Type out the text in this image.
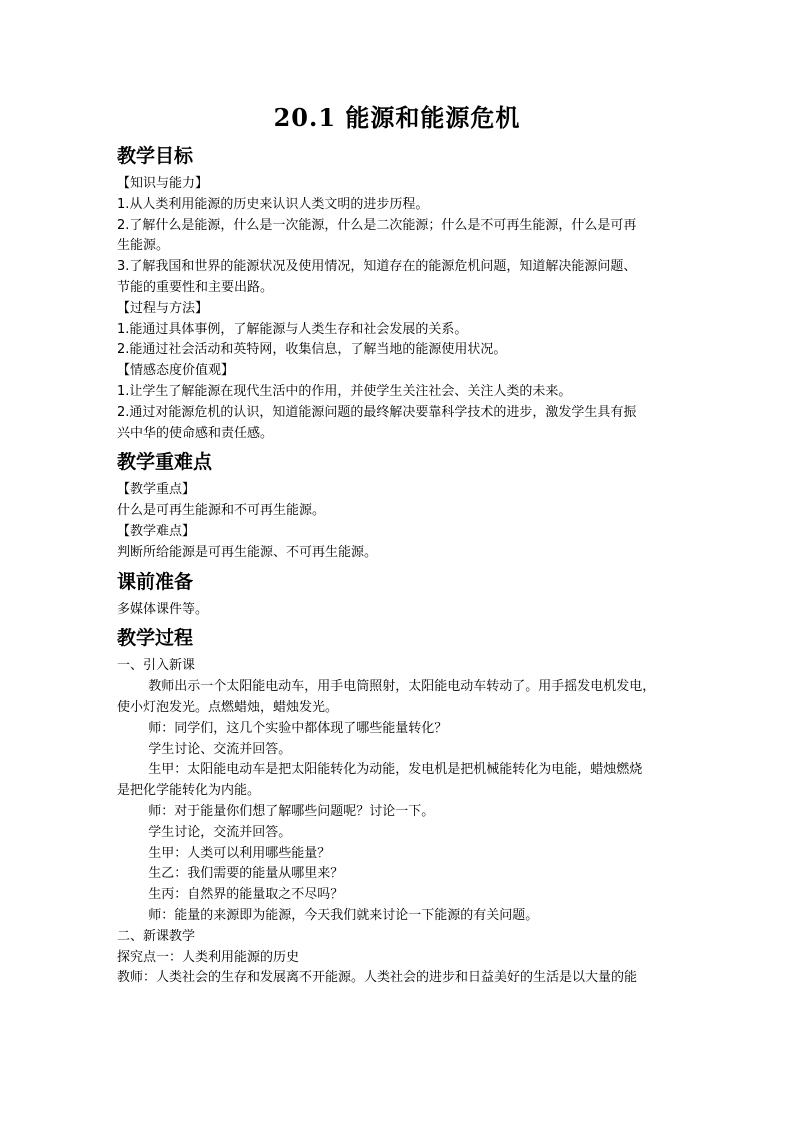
20.1 能源和能源危机
教学目标

【知识与能力】

1.从人类利用能源的历史来认识人类文明的进步历程。

2.了解什么是能源，什么是一次能源，什么是二次能源；什么是不可再生能源，什么是可再

生能源。

3.了解我国和世界的能源状况及使用情况，知道存在的能源危机问题，知道解决能源问题、

节能的重要性和主要出路。

【过程与方法】

1.能通过具体事例，了解能源与人类生存和社会发展的关系。

2.能通过社会活动和英特网，收集信息，了解当地的能源使用状况。

【情感态度价值观】

1.让学生了解能源在现代生活中的作用，并使学生关注社会、关注人类的未来。

2.通过对能源危机的认识，知道能源问题的最终解决要靠科学技术的进步，激发学生具有振

兴中华的使命感和责任感。

教学重难点

【教学重点】

什么是可再生能源和不可再生能源。

【教学难点】

判断所给能源是可再生能源、不可再生能源。

课前准备

多媒体课件等。

教学过程

一、引入新课

教师出示一个太阳能电动车，用手电筒照射，太阳能电动车转动了。用手摇发电机发电，

使小灯泡发光。点燃蜡烛，蜡烛发光。

师：同学们，这几个实验中都体现了哪些能量转化？

学生讨论、交流并回答。

生甲：太阳能电动车是把太阳能转化为动能，发电机是把机械能转化为电能，蜡烛燃烧

是把化学能转化为内能。

师：对于能量你们想了解哪些问题呢？讨论一下。

学生讨论，交流并回答。

生甲：人类可以利用哪些能量？

生乙：我们需要的能量从哪里来？

生丙：自然界的能量取之不尽吗？

师：能量的来源即为能源，今天我们就来讨论一下能源的有关问题。

二、新课教学

探究点一：人类利用能源的历史

教师：人类社会的生存和发展离不开能源。人类社会的进步和日益美好的生活是以大量的能
